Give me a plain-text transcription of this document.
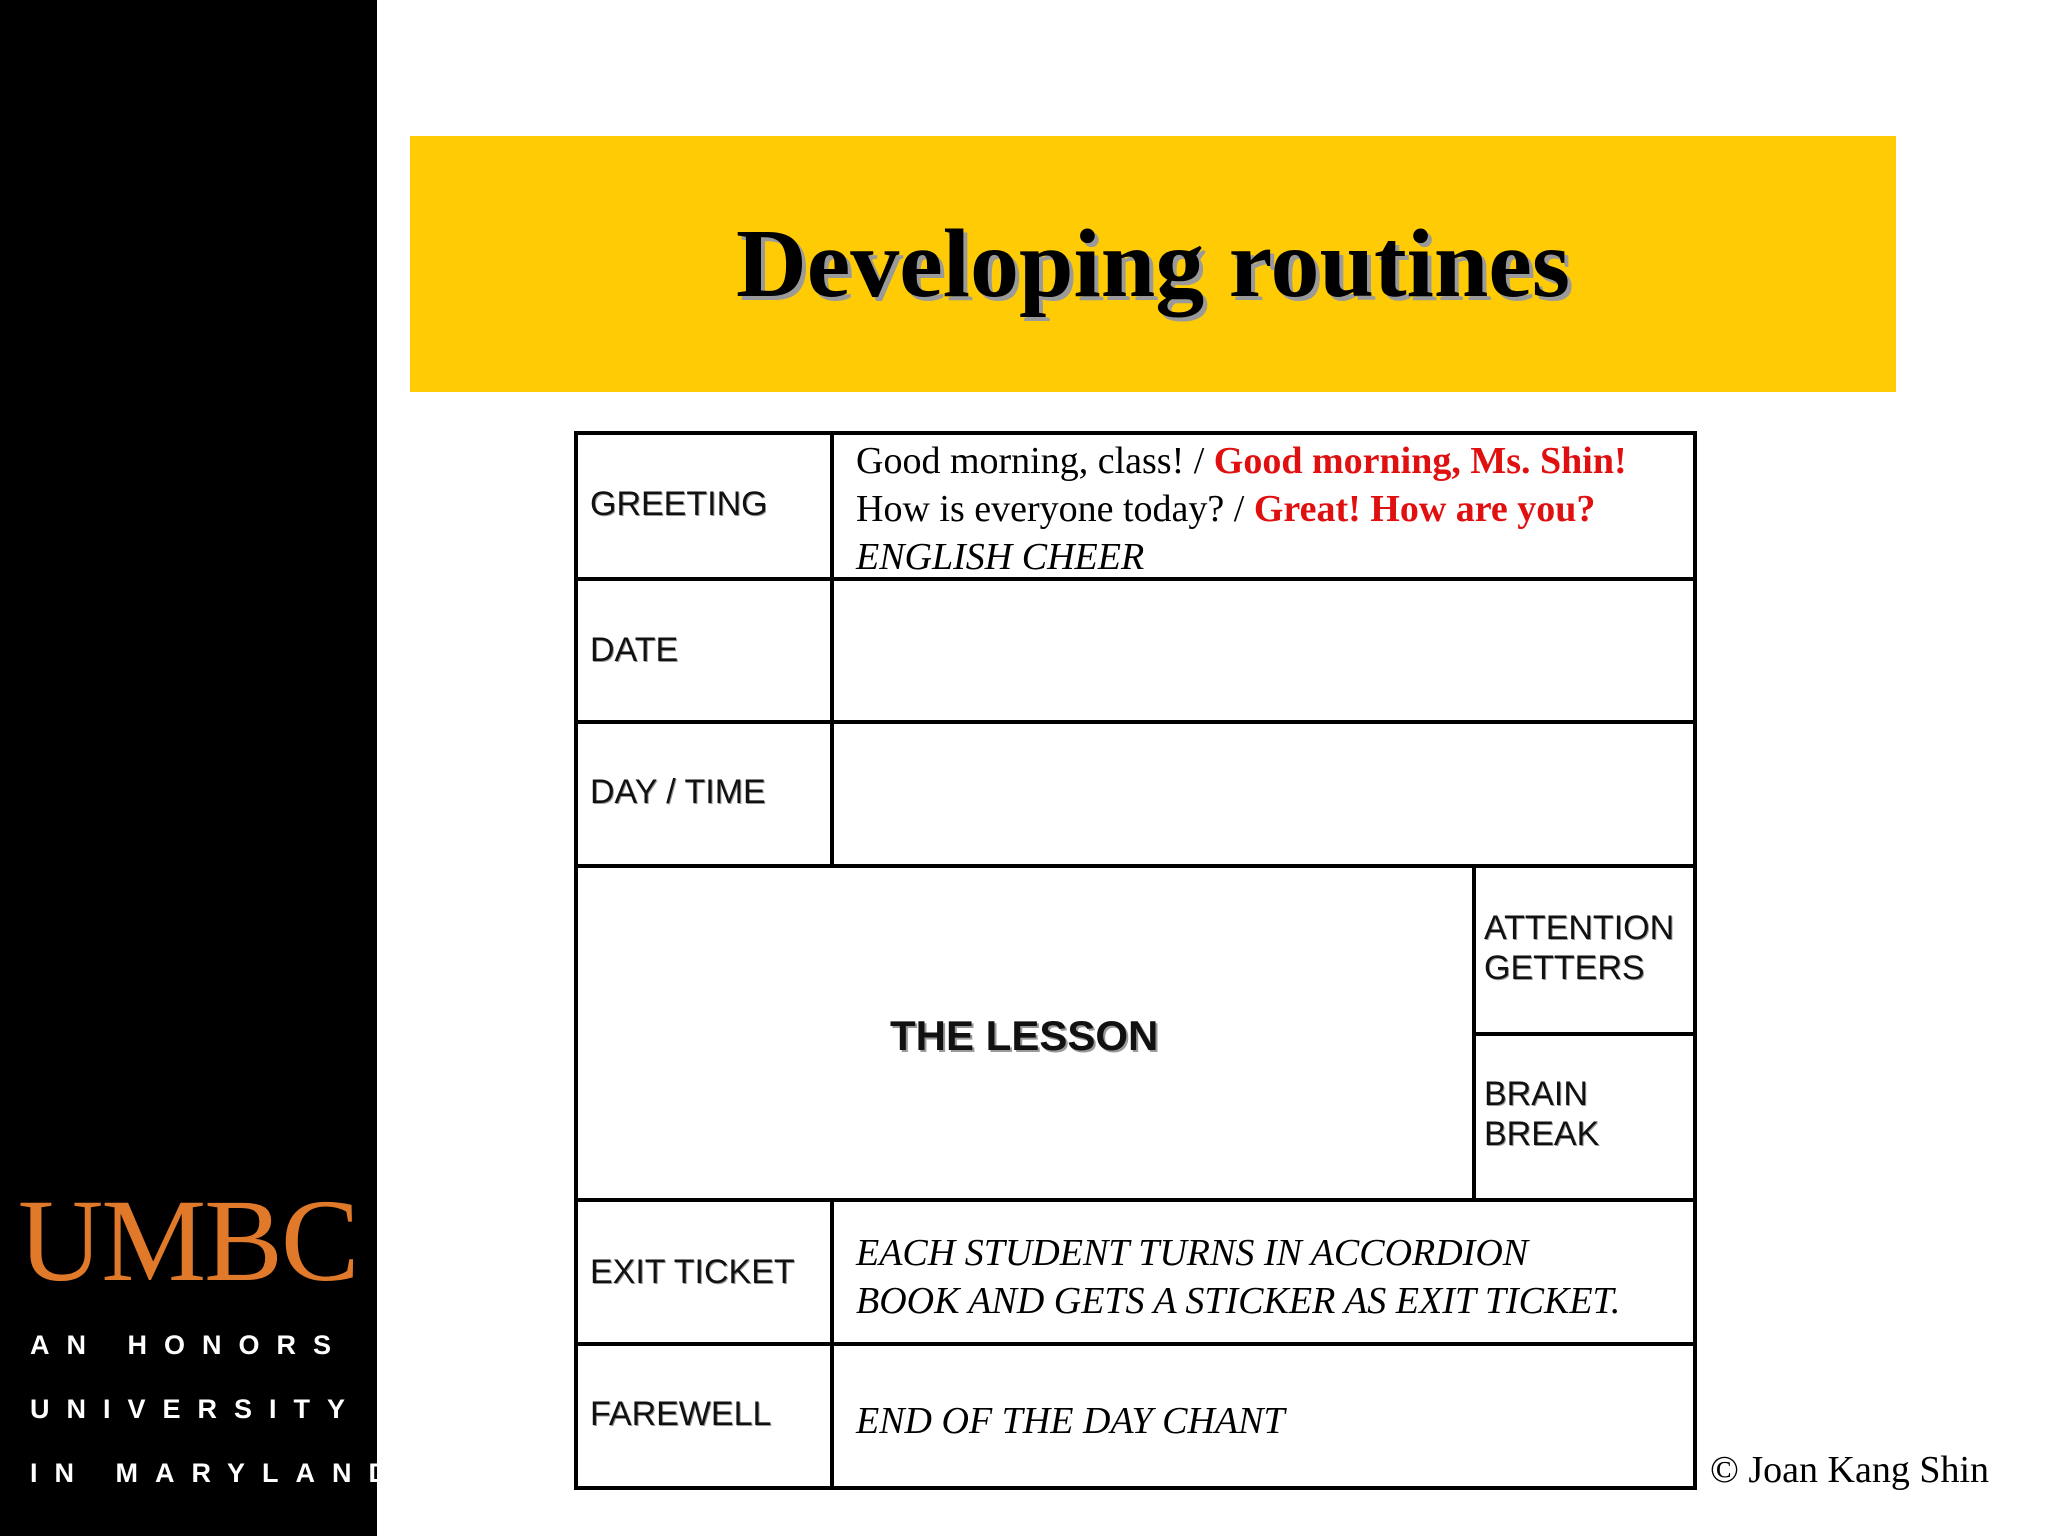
UMBC
AN HONORS
UNIVERSITY
IN MARYLAND
Developing routines
GREETING
Good morning, class! / Good morning, Ms. Shin!
How is everyone today? / Great! How are you?
ENGLISH CHEER
DATE
DAY / TIME
THE LESSON
ATTENTION
GETTERS
BRAIN
BREAK
EXIT TICKET EACH STUDENT TURNS IN ACCORDION
BOOK AND GETS A STICKER AS EXIT TICKET.
FAREWELL END OF THE DAY CHANT
© Joan Kang Shin
